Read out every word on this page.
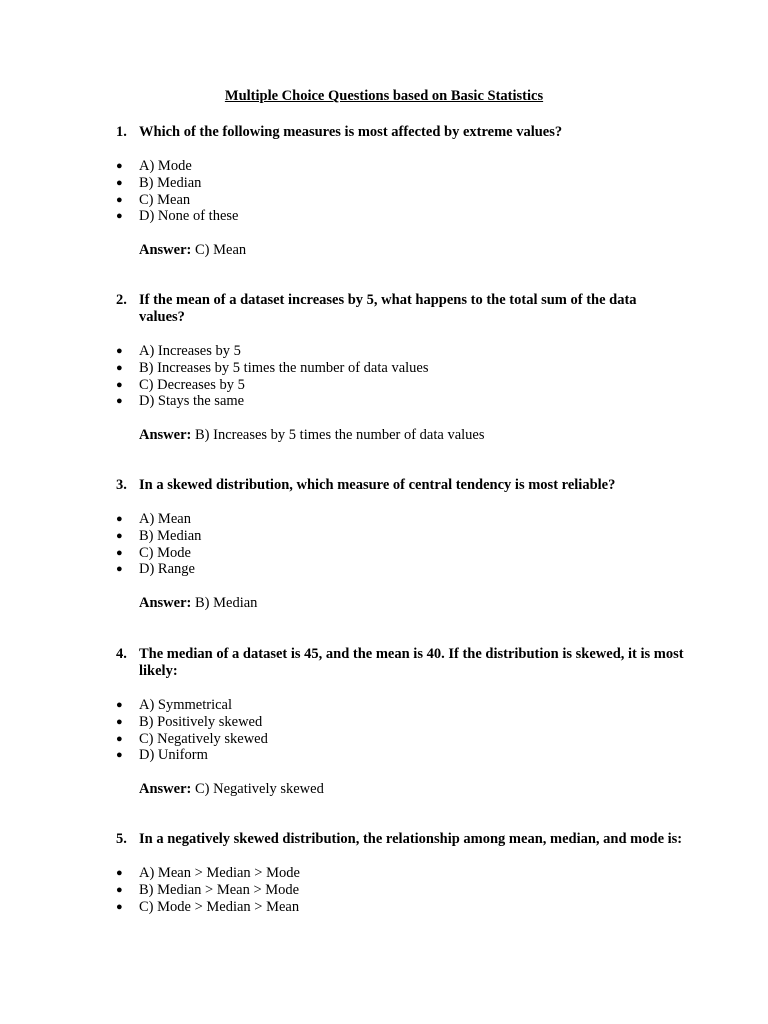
Multiple Choice Questions based on Basic Statistics
1. Which of the following measures is most affected by extreme values?
●	A) Mode
●	B) Median
●	C) Mean
●	D) None of these
Answer: C) Mean
2. If the mean of a dataset increases by 5, what happens to the total sum of the data values?
●	A) Increases by 5
●	B) Increases by 5 times the number of data values
●	C) Decreases by 5
●	D) Stays the same
Answer: B) Increases by 5 times the number of data values
3. In a skewed distribution, which measure of central tendency is most reliable?
●	A) Mean
●	B) Median
●	C) Mode
●	D) Range
Answer: B) Median
4. The median of a dataset is 45, and the mean is 40. If the distribution is skewed, it is most likely:
●	A) Symmetrical
●	B) Positively skewed
●	C) Negatively skewed
●	D) Uniform
Answer: C) Negatively skewed
5. In a negatively skewed distribution, the relationship among mean, median, and mode is:
●	A) Mean > Median > Mode
●	B) Median > Mean > Mode
●	C) Mode > Median > Mean
